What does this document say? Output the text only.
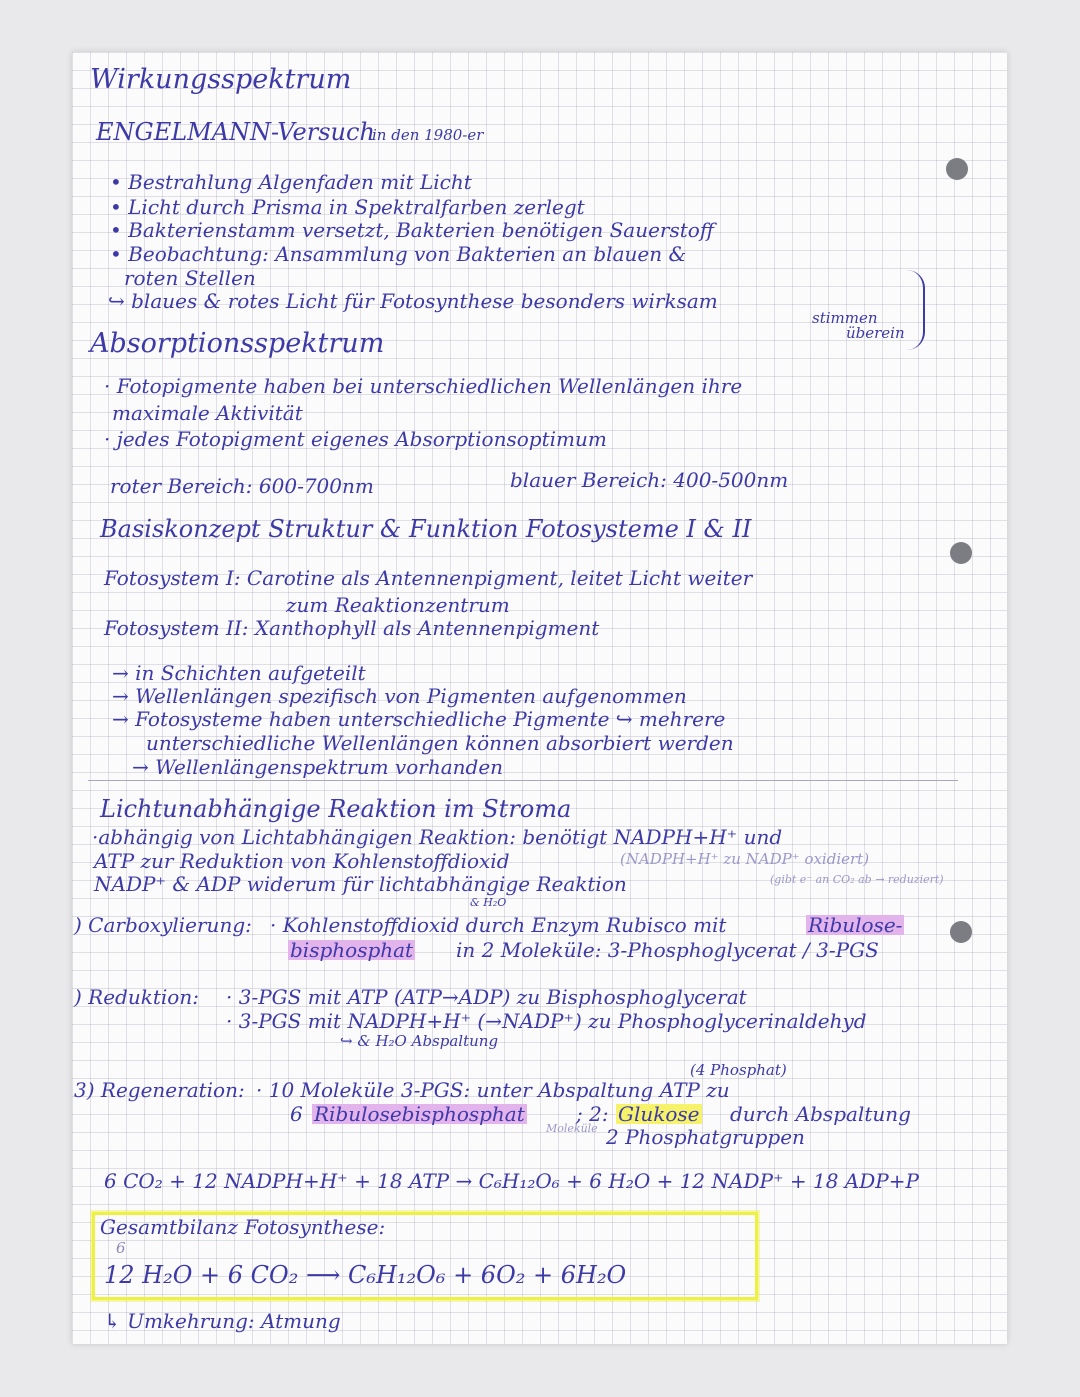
Wirkungsspektrum
ENGELMANN-Versuch
in den 1980-er
• Bestrahlung Algenfaden mit Licht
• Licht durch Prisma in Spektralfarben zerlegt
• Bakterienstamm versetzt, Bakterien benötigen Sauerstoff
• Beobachtung: Ansammlung von Bakterien an blauen &
roten Stellen
↪ blaues & rotes Licht für Fotosynthese besonders wirksam
stimmen
überein
Absorptionsspektrum
· Fotopigmente haben bei unterschiedlichen Wellenlängen ihre
maximale Aktivität
· jedes Fotopigment eigenes Absorptionsoptimum
roter Bereich: 600-700nm	blauer Bereich: 400-500nm
Basiskonzept Struktur & Funktion Fotosysteme I & II
Fotosystem I: Carotine als Antennenpigment, leitet Licht weiter
zum Reaktionzentrum
Fotosystem II: Xanthophyll als Antennenpigment
→ in Schichten aufgeteilt
→ Wellenlängen spezifisch von Pigmenten aufgenommen
→ Fotosysteme haben unterschiedliche Pigmente ↪ mehrere
unterschiedliche Wellenlängen können absorbiert werden
→ Wellenlängenspektrum vorhanden
Lichtunabhängige Reaktion im Stroma
·abhängig von Lichtabhängigen Reaktion: benötigt NADPH+H⁺ und
ATP zur Reduktion von Kohlenstoffdioxid	(NADPH+H⁺ zu NADP⁺ oxidiert)
NADP⁺ & ADP widerum für lichtabhängige Reaktion	(gibt e⁻ an CO₂ ab → reduziert)
& H₂O
) Carboxylierung: · Kohlenstoffdioxid durch Enzym Rubisco mit	Ribulose-
bisphosphat in 2 Moleküle: 3-Phosphoglycerat / 3-PGS
) Reduktion: · 3-PGS mit ATP (ATP→ADP) zu Bisphosphoglycerat
· 3-PGS mit NADPH+H⁺ (→NADP⁺) zu Phosphoglycerinaldehyd
↪ & H₂O Abspaltung
(4 Phosphat)
3) Regeneration: · 10 Moleküle 3-PGS: unter Abspaltung ATP zu
6 Ribulosebisphosphat	; 2: Glukose durch Abspaltung
Moleküle 2 Phosphatgruppen
6 CO₂ + 12 NADPH+H⁺ + 18 ATP → C₆H₁₂O₆ + 6 H₂O + 12 NADP⁺ + 18 ADP+P
Gesamtbilanz Fotosynthese:
6
12 H₂O + 6 CO₂ ⟶ C₆H₁₂O₆ + 6O₂ + 6H₂O
↳ Umkehrung: Atmung
